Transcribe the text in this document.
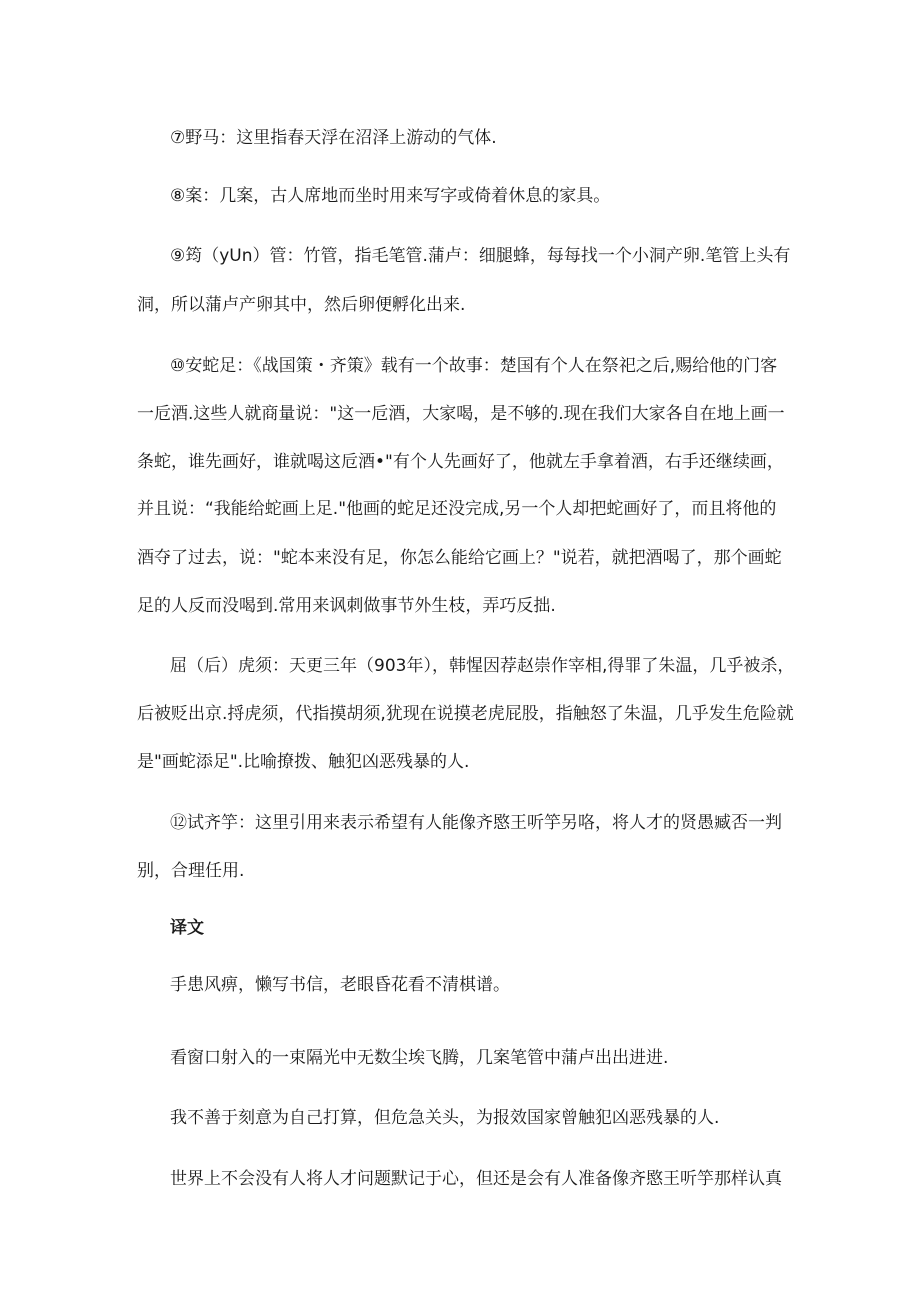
⑦野马：这里指春天浮在沼泽上游动的气体.
⑧案：几案，古人席地而坐时用来写字或倚着休息的家具。
⑨筠（yUn）管：竹管，指毛笔管.蒲卢：细腿蜂，每每找一个小洞产卵.笔管上头有
洞，所以蒲卢产卵其中，然后卵便孵化出来.
⑩安蛇足：《战国策・齐策》载有一个故事：楚国有个人在祭祀之后,赐给他的门客
一卮酒.这些人就商量说："这一卮酒，大家喝，是不够的.现在我们大家各自在地上画一
条蛇，谁先画好，谁就喝这卮酒•"有个人先画好了，他就左手拿着酒，右手还继续画，
并且说：“我能给蛇画上足."他画的蛇足还没完成,另一个人却把蛇画好了，而且将他的
酒夺了过去，说："蛇本来没有足，你怎么能给它画上？"说若，就把酒喝了，那个画蛇
足的人反而没喝到.常用来讽刺做事节外生枝，弄巧反拙.
屈（后）虎须：天更三年（903年），韩惺因荐赵崇作宰相,得罪了朱温，几乎被杀，
后被贬出京.捋虎须，代指摸胡须,犹现在说摸老虎屁股，指触怒了朱温，几乎发生危险就
是"画蛇添足".比喻撩拨、触犯凶恶残暴的人.
⑫试齐竽：这里引用来表示希望有人能像齐愍王听竽另咯，将人才的贤愚臧否一判
别，合理任用.
译文
手患风痹，懒写书信，老眼昏花看不清棋谱。
看窗口射入的一束隔光中无数尘埃飞腾，几案笔管中蒲卢出出进进.
我不善于刻意为自己打算，但危急关头，为报效国家曾触犯凶恶残暴的人.
世界上不会没有人将人才问题默记于心，但还是会有人准备像齐愍王听竽那样认真
